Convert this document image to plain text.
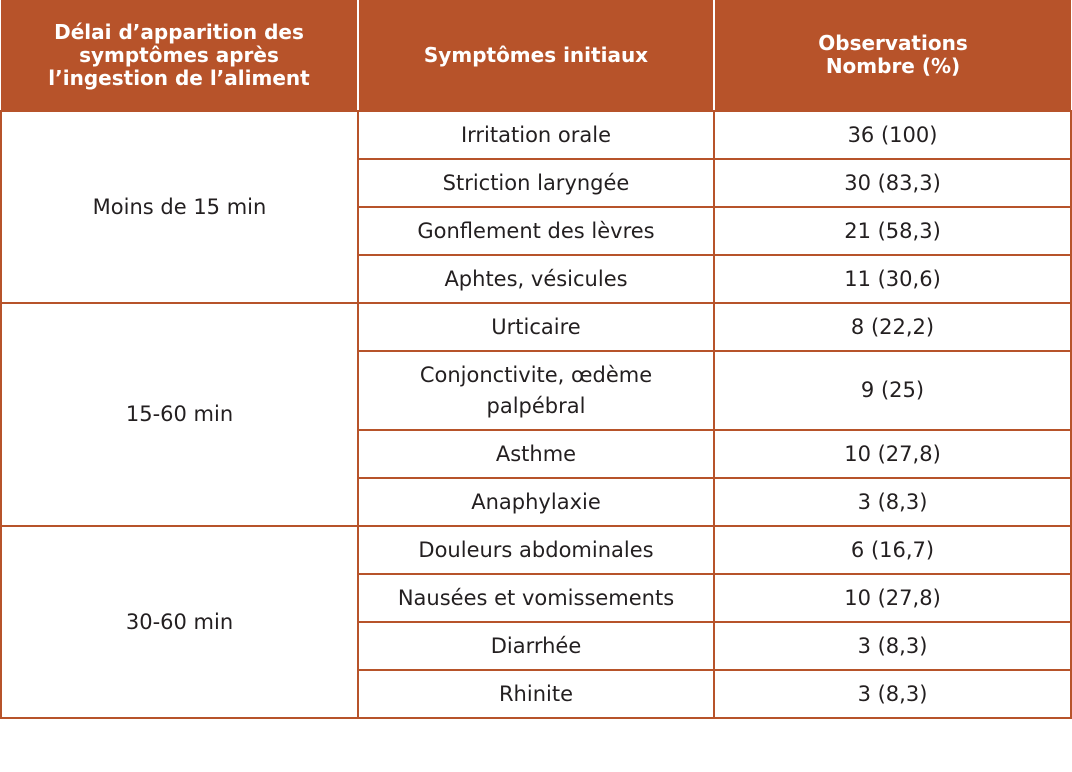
Délai d’apparition des
symptômes après
l’ingestion de l’aliment	Symptômes initiaux	Observations
Nombre (%)

Moins de 15 min	Irritation orale	36 (100)
	Striction laryngée	30 (83,3)
	Gonflement des lèvres	21 (58,3)
	Aphtes, vésicules	11 (30,6)
15-60 min	Urticaire	8 (22,2)

	Conjonctivite, œdème
palpébral	9 (25)
	Asthme	10 (27,8)
	Anaphylaxie	3 (8,3)
30-60 min	Douleurs abdominales	6 (16,7)
	Nausées et vomissements	10 (27,8)
	Diarrhée	3 (8,3)
	Rhinite	3 (8,3)
